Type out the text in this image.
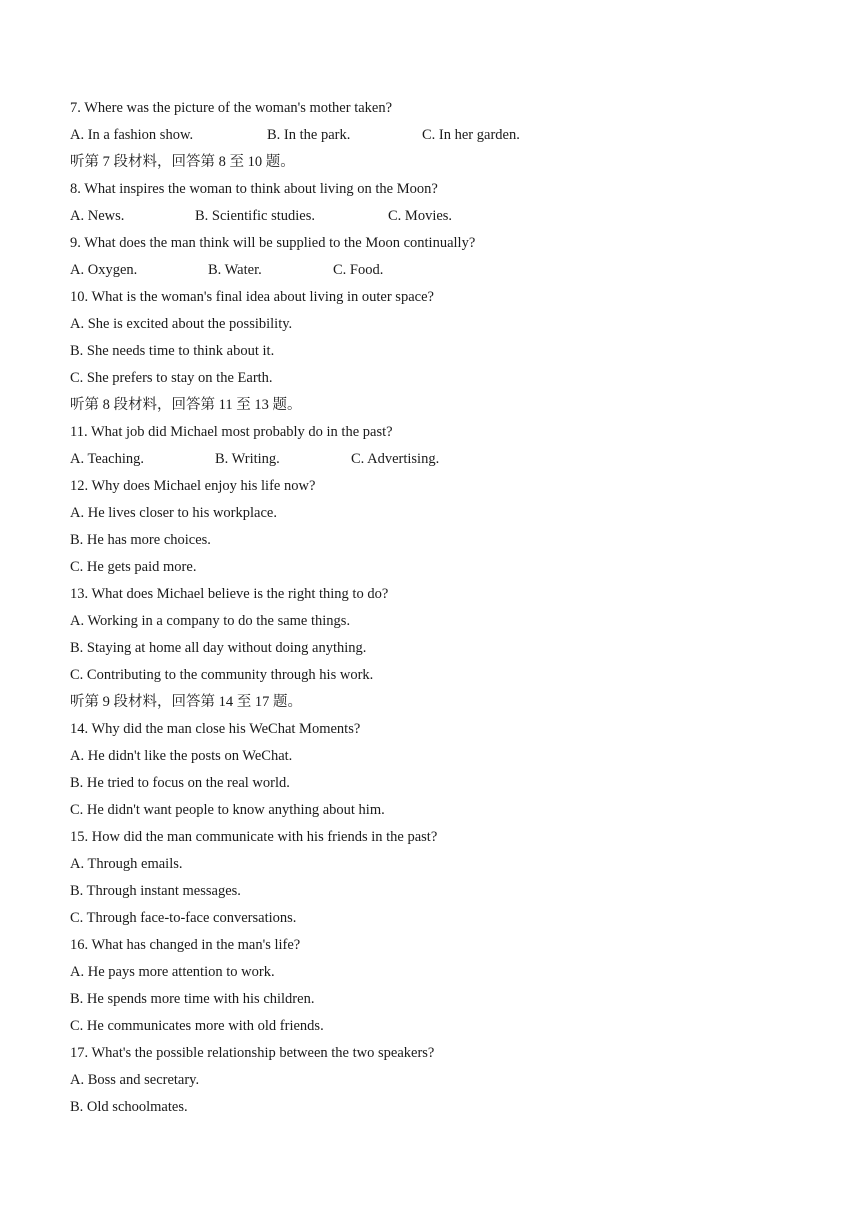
7. Where was the picture of the woman's mother taken?
A. In a fashion show.	B. In the park.	C. In her garden.
听第 7 段材料，回答第 8 至 10 题。
8. What inspires the woman to think about living on the Moon?
A. News.	B. Scientific studies.	C. Movies.
9. What does the man think will be supplied to the Moon continually?
A. Oxygen.	B. Water.	C. Food.
10. What is the woman's final idea about living in outer space?
A. She is excited about the possibility.
B. She needs time to think about it.
C. She prefers to stay on the Earth.
听第 8 段材料，回答第 11 至 13 题。
11. What job did Michael most probably do in the past?
A. Teaching.	B. Writing.	C. Advertising.
12. Why does Michael enjoy his life now?
A. He lives closer to his workplace.
B. He has more choices.
C. He gets paid more.
13. What does Michael believe is the right thing to do?
A. Working in a company to do the same things.
B. Staying at home all day without doing anything.
C. Contributing to the community through his work.
听第 9 段材料，回答第 14 至 17 题。
14. Why did the man close his WeChat Moments?
A. He didn't like the posts on WeChat.
B. He tried to focus on the real world.
C. He didn't want people to know anything about him.
15. How did the man communicate with his friends in the past?
A. Through emails.
B. Through instant messages.
C. Through face-to-face conversations.
16. What has changed in the man's life?
A. He pays more attention to work.
B. He spends more time with his children.
C. He communicates more with old friends.
17. What's the possible relationship between the two speakers?
A. Boss and secretary.
B. Old schoolmates.
